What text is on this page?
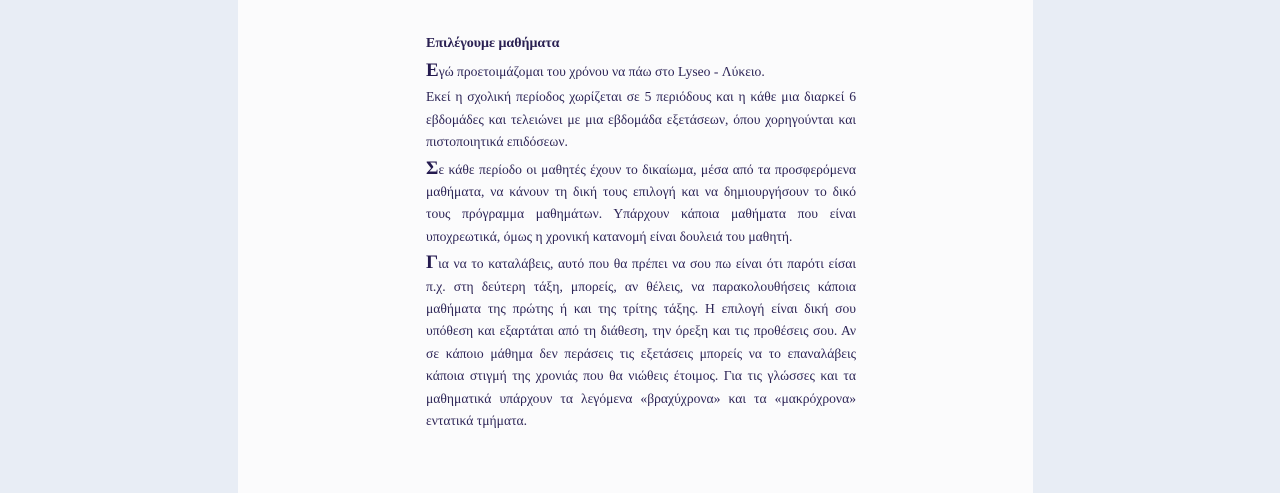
Επιλέγουμε μαθήματα

Εγώ προετοιμάζομαι του χρόνου να πάω στο Lyseo - Λύκειο.

Εκεί η σχολική περίοδος χωρίζεται σε 5 περιόδους και η κάθε μια διαρκεί 6 εβδομάδες και τελειώνει με μια εβδομάδα εξετάσεων, όπου χορηγούνται και πιστοποιητικά επιδόσεων.

Σε κάθε περίοδο οι μαθητές έχουν το δικαίωμα, μέσα από τα προσφερόμενα μαθήματα, να κάνουν τη δική τους επιλογή και να δημιουργήσουν το δικό τους πρόγραμμα μαθημάτων. Υπάρχουν κάποια μαθήματα που είναι υποχρεωτικά, όμως η χρονική κατανομή είναι δουλειά του μαθητή.

Για να το καταλάβεις, αυτό που θα πρέπει να σου πω είναι ότι παρότι είσαι π.χ. στη δεύτερη τάξη, μπορείς, αν θέλεις, να παρακολουθήσεις κάποια μαθήματα της πρώτης ή και της τρίτης τάξης. Η επιλογή είναι δική σου υπόθεση και εξαρτάται από τη διάθεση, την όρεξη και τις προθέσεις σου. Αν σε κάποιο μάθημα δεν περάσεις τις εξετάσεις μπορείς να το επαναλάβεις κάποια στιγμή της χρονιάς που θα νιώθεις έτοιμος. Για τις γλώσσες και τα μαθηματικά υπάρχουν τα λεγόμενα «βραχύχρονα» και τα «μακρόχρονα» εντατικά τμήματα.
